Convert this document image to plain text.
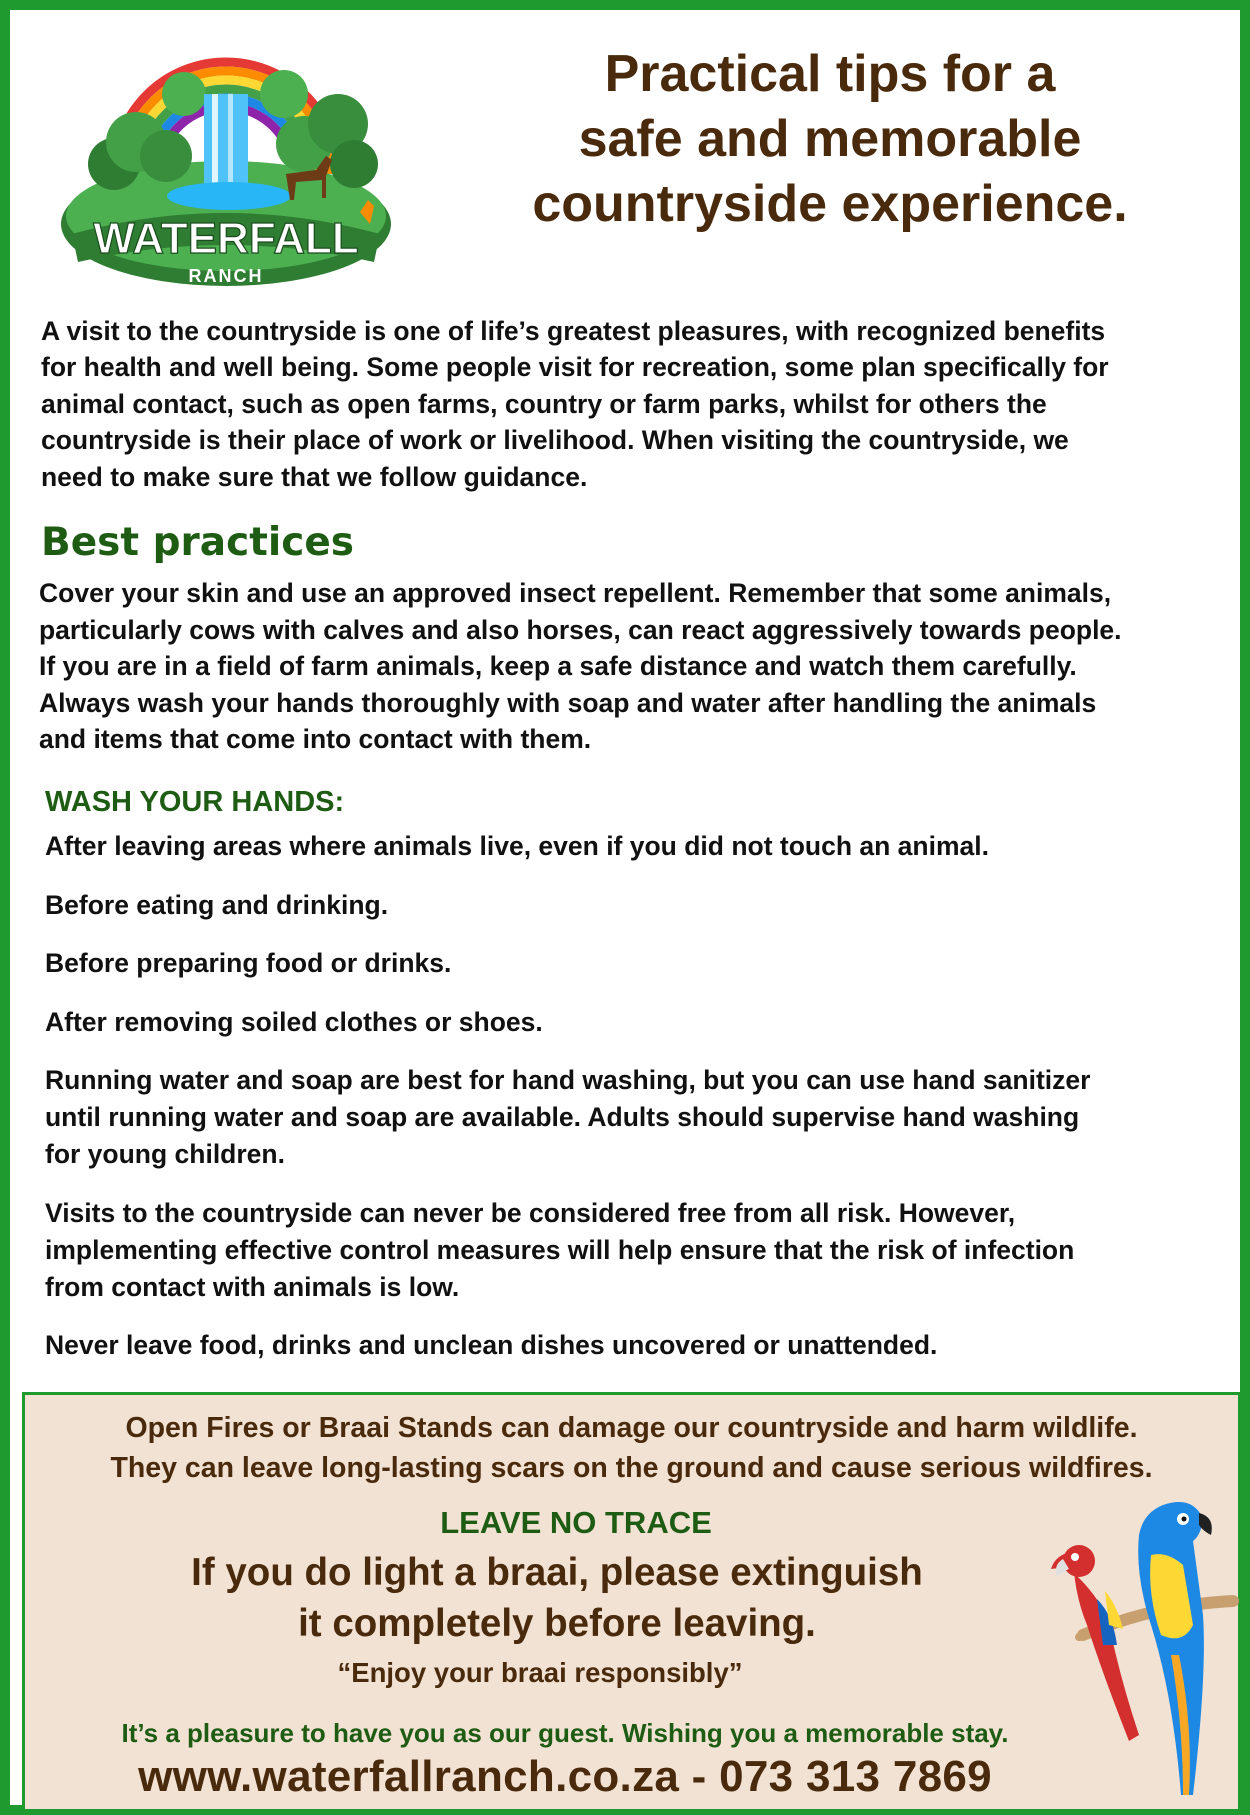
WATERFALL
RANCH
Practical tips for a
safe and memorable
countryside experience.
A visit to the countryside is one of life’s greatest pleasures, with recognized benefits
for health and well being. Some people visit for recreation, some plan specifically for
animal contact, such as open farms, country or farm parks, whilst for others the
countryside is their place of work or livelihood. When visiting the countryside, we
need to make sure that we follow guidance.
Best practices
Cover your skin and use an approved insect repellent. Remember that some animals,
particularly cows with calves and also horses, can react aggressively towards people.
If you are in a field of farm animals, keep a safe distance and watch them carefully.
Always wash your hands thoroughly with soap and water after handling the animals
and items that come into contact with them.
WASH YOUR HANDS:
After leaving areas where animals live, even if you did not touch an animal.
Before eating and drinking.
Before preparing food or drinks.
After removing soiled clothes or shoes.
Running water and soap are best for hand washing, but you can use hand sanitizer
until running water and soap are available. Adults should supervise hand washing
for young children.
Visits to the countryside can never be considered free from all risk. However,
implementing effective control measures will help ensure that the risk of infection
from contact with animals is low.
Never leave food, drinks and unclean dishes uncovered or unattended.
Open Fires or Braai Stands can damage our countryside and harm wildlife.
They can leave long-lasting scars on the ground and cause serious wildfires.
LEAVE NO TRACE
If you do light a braai, please extinguish
it completely before leaving.
“Enjoy your braai responsibly”
It’s a pleasure to have you as our guest. Wishing you a memorable stay.
www.waterfallranch.co.za - 073 313 7869
